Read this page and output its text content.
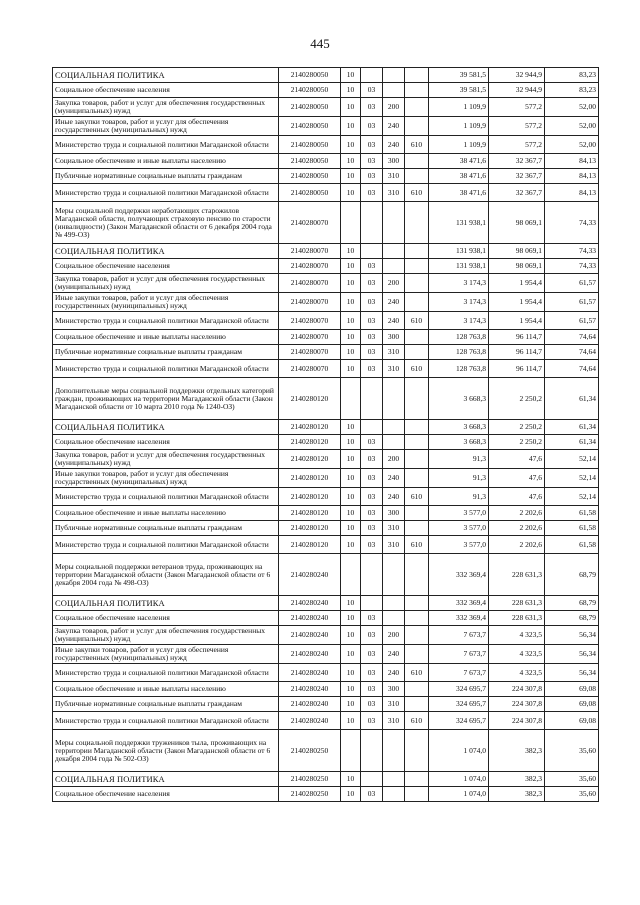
445
СОЦИАЛЬНАЯ ПОЛИТИКА	2140280050	10				39 581,5	32 944,9	83,23
Социальное обеспечение населения	2140280050	10	03			39 581,5	32 944,9	83,23
Закупка товаров, работ и услуг для обеспечения государственных (муниципальных) нужд	2140280050	10	03	200		1 109,9	577,2	52,00
Иные закупки товаров, работ и услуг для обеспечения государственных (муниципальных) нужд	2140280050	10	03	240		1 109,9	577,2	52,00
Министерство труда и социальной политики Магаданской области	2140280050	10	03	240	610	1 109,9	577,2	52,00
Социальное обеспечение и иные выплаты населению	2140280050	10	03	300		38 471,6	32 367,7	84,13
Публичные нормативные социальные выплаты гражданам	2140280050	10	03	310		38 471,6	32 367,7	84,13
Министерство труда и социальной политики Магаданской области	2140280050	10	03	310	610	38 471,6	32 367,7	84,13
Меры социальной поддержки неработающих старожилов Магаданской области, получающих страховую пенсию по старости (инвалидности) (Закон Магаданской области от 6 декабря 2004 года № 499-ОЗ)	2140280070					131 938,1	98 069,1	74,33
СОЦИАЛЬНАЯ ПОЛИТИКА	2140280070	10				131 938,1	98 069,1	74,33
Социальное обеспечение населения	2140280070	10	03			131 938,1	98 069,1	74,33
Закупка товаров, работ и услуг для обеспечения государственных (муниципальных) нужд	2140280070	10	03	200		3 174,3	1 954,4	61,57
Иные закупки товаров, работ и услуг для обеспечения государственных (муниципальных) нужд	2140280070	10	03	240		3 174,3	1 954,4	61,57
Министерство труда и социальной политики Магаданской области	2140280070	10	03	240	610	3 174,3	1 954,4	61,57
Социальное обеспечение и иные выплаты населению	2140280070	10	03	300		128 763,8	96 114,7	74,64
Публичные нормативные социальные выплаты гражданам	2140280070	10	03	310		128 763,8	96 114,7	74,64
Министерство труда и социальной политики Магаданской области	2140280070	10	03	310	610	128 763,8	96 114,7	74,64
Дополнительные меры социальной поддержки отдельных категорий граждан, проживающих на территории Магаданской области (Закон Магаданской области от 10 марта 2010 года № 1240-ОЗ)	2140280120					3 668,3	2 250,2	61,34
СОЦИАЛЬНАЯ ПОЛИТИКА	2140280120	10				3 668,3	2 250,2	61,34
Социальное обеспечение населения	2140280120	10	03			3 668,3	2 250,2	61,34
Закупка товаров, работ и услуг для обеспечения государственных (муниципальных) нужд	2140280120	10	03	200		91,3	47,6	52,14
Иные закупки товаров, работ и услуг для обеспечения государственных (муниципальных) нужд	2140280120	10	03	240		91,3	47,6	52,14
Министерство труда и социальной политики Магаданской области	2140280120	10	03	240	610	91,3	47,6	52,14
Социальное обеспечение и иные выплаты населению	2140280120	10	03	300		3 577,0	2 202,6	61,58
Публичные нормативные социальные выплаты гражданам	2140280120	10	03	310		3 577,0	2 202,6	61,58
Министерство труда и социальной политики Магаданской области	2140280120	10	03	310	610	3 577,0	2 202,6	61,58
Меры социальной поддержки ветеранов труда, проживающих на территории Магаданской области (Закон Магаданской области от 6 декабря 2004 года № 498-ОЗ)	2140280240					332 369,4	228 631,3	68,79
СОЦИАЛЬНАЯ ПОЛИТИКА	2140280240	10				332 369,4	228 631,3	68,79
Социальное обеспечение населения	2140280240	10	03			332 369,4	228 631,3	68,79
Закупка товаров, работ и услуг для обеспечения государственных (муниципальных) нужд	2140280240	10	03	200		7 673,7	4 323,5	56,34
Иные закупки товаров, работ и услуг для обеспечения государственных (муниципальных) нужд	2140280240	10	03	240		7 673,7	4 323,5	56,34
Министерство труда и социальной политики Магаданской области	2140280240	10	03	240	610	7 673,7	4 323,5	56,34
Социальное обеспечение и иные выплаты населению	2140280240	10	03	300		324 695,7	224 307,8	69,08
Публичные нормативные социальные выплаты гражданам	2140280240	10	03	310		324 695,7	224 307,8	69,08
Министерство труда и социальной политики Магаданской области	2140280240	10	03	310	610	324 695,7	224 307,8	69,08
Меры социальной поддержки тружеников тыла, проживающих на территории Магаданской области (Закон Магаданской области от 6 декабря 2004 года № 502-ОЗ)	2140280250					1 074,0	382,3	35,60
СОЦИАЛЬНАЯ ПОЛИТИКА	2140280250	10				1 074,0	382,3	35,60
Социальное обеспечение населения	2140280250	10	03			1 074,0	382,3	35,60
